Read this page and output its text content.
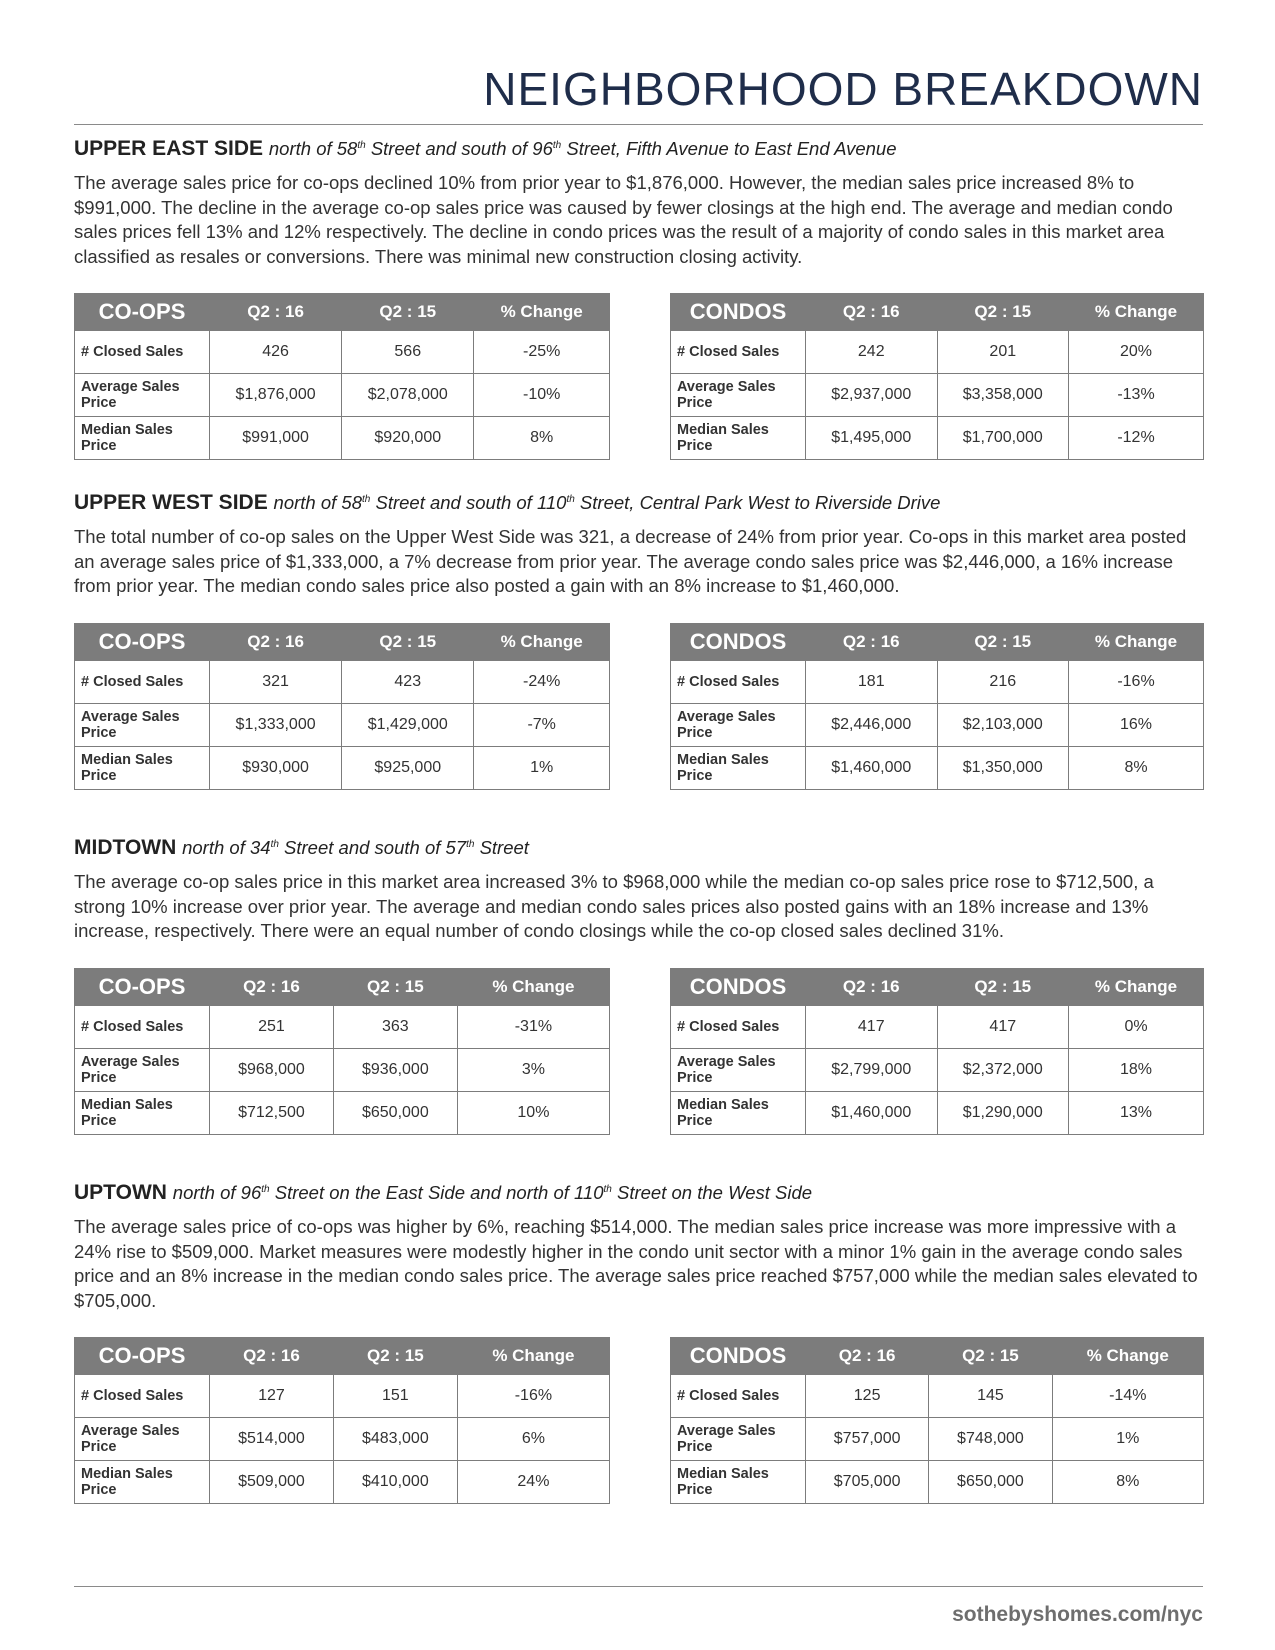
NEIGHBORHOOD BREAKDOWN

UPPER EAST SIDE north of 58th Street and south of 96th Street, Fifth Avenue to East End Avenue

The average sales price for co-ops declined 10% from prior year to $1,876,000. However, the median sales price increased 8% to $991,000. The decline in the average co-op sales price was caused by fewer closings at the high end. The average and median condo sales prices fell 13% and 12% respectively. The decline in condo prices was the result of a majority of condo sales in this market area classified as resales or conversions. There was minimal new construction closing activity.

CO-OPS	Q2 : 16	Q2 : 15	% Change
# Closed Sales	426	566	-25%
Average Sales Price	$1,876,000	$2,078,000	-10%
Median Sales Price	$991,000	$920,000	8%
CONDOS	Q2 : 16	Q2 : 15	% Change
# Closed Sales	242	201	20%
Average Sales Price	$2,937,000	$3,358,000	-13%
Median Sales Price	$1,495,000	$1,700,000	-12%

UPPER WEST SIDE north of 58th Street and south of 110th Street, Central Park West to Riverside Drive

The total number of co-op sales on the Upper West Side was 321, a decrease of 24% from prior year. Co-ops in this market area posted an average sales price of $1,333,000, a 7% decrease from prior year. The average condo sales price was $2,446,000, a 16% increase from prior year. The median condo sales price also posted a gain with an 8% increase to $1,460,000.

CO-OPS	Q2 : 16	Q2 : 15	% Change
# Closed Sales	321	423	-24%
Average Sales Price	$1,333,000	$1,429,000	-7%
Median Sales Price	$930,000	$925,000	1%
CONDOS	Q2 : 16	Q2 : 15	% Change
# Closed Sales	181	216	-16%
Average Sales Price	$2,446,000	$2,103,000	16%
Median Sales Price	$1,460,000	$1,350,000	8%

MIDTOWN north of 34th Street and south of 57th Street

The average co-op sales price in this market area increased 3% to $968,000 while the median co-op sales price rose to $712,500, a strong 10% increase over prior year. The average and median condo sales prices also posted gains with an 18% increase and 13% increase, respectively. There were an equal number of condo closings while the co-op closed sales declined 31%.

CO-OPS	Q2 : 16	Q2 : 15	% Change
# Closed Sales	251	363	-31%
Average Sales Price	$968,000	$936,000	3%
Median Sales Price	$712,500	$650,000	10%
CONDOS	Q2 : 16	Q2 : 15	% Change
# Closed Sales	417	417	0%
Average Sales Price	$2,799,000	$2,372,000	18%
Median Sales Price	$1,460,000	$1,290,000	13%

UPTOWN north of 96th Street on the East Side and north of 110th Street on the West Side

The average sales price of co-ops was higher by 6%, reaching $514,000. The median sales price increase was more impressive with a 24% rise to $509,000. Market measures were modestly higher in the condo unit sector with a minor 1% gain in the average condo sales price and an 8% increase in the median condo sales price. The average sales price reached $757,000 while the median sales elevated to $705,000.

CO-OPS	Q2 : 16	Q2 : 15	% Change
# Closed Sales	127	151	-16%
Average Sales Price	$514,000	$483,000	6%
Median Sales Price	$509,000	$410,000	24%
CONDOS	Q2 : 16	Q2 : 15	% Change
# Closed Sales	125	145	-14%
Average Sales Price	$757,000	$748,000	1%
Median Sales Price	$705,000	$650,000	8%
sothebyshomes.com/nyc
